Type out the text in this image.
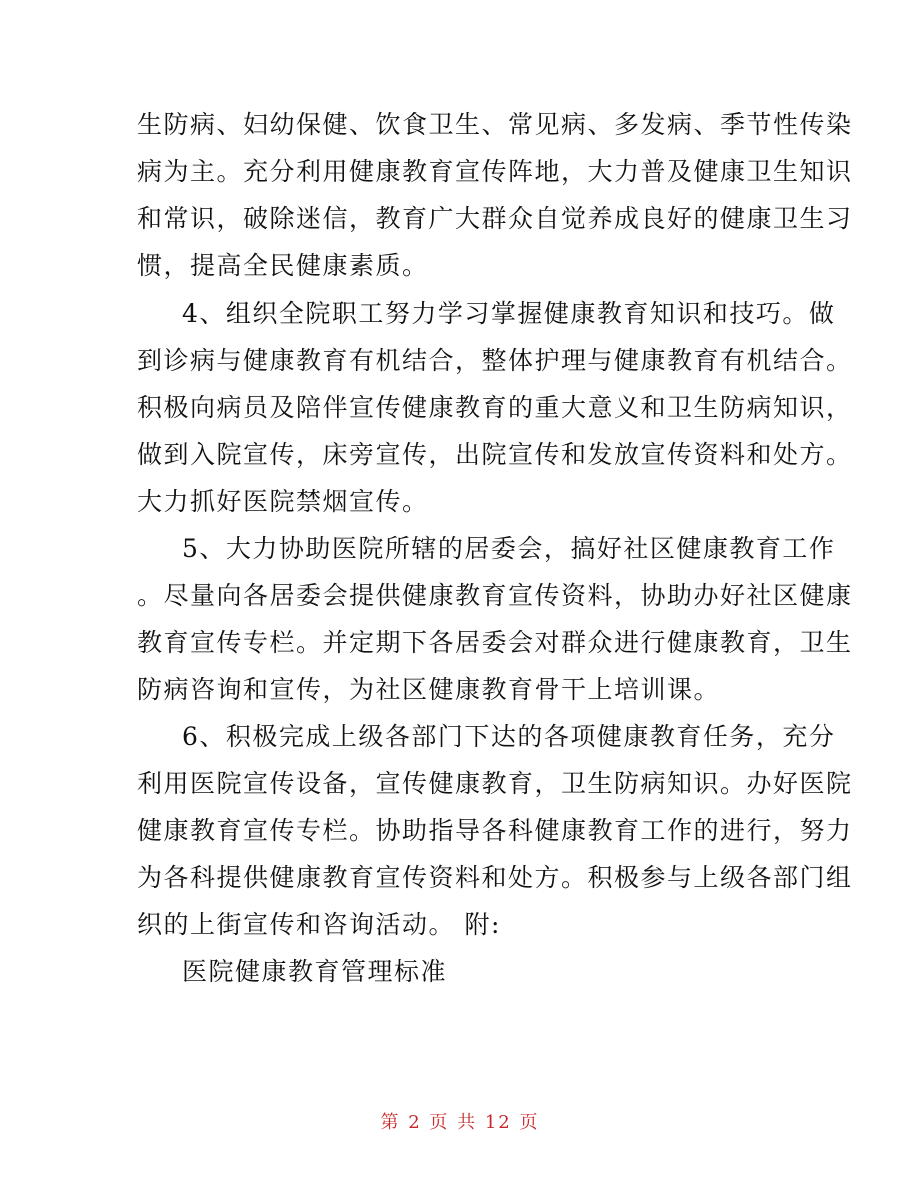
生防病、妇幼保健、饮食卫生、常见病、多发病、季节性传染
病为主。充分利用健康教育宣传阵地，大力普及健康卫生知识
和常识，破除迷信，教育广大群众自觉养成良好的健康卫生习
惯，提高全民健康素质。
4、组织全院职工努力学习掌握健康教育知识和技巧。做
到诊病与健康教育有机结合，整体护理与健康教育有机结合。
积极向病员及陪伴宣传健康教育的重大意义和卫生防病知识，
做到入院宣传，床旁宣传，出院宣传和发放宣传资料和处方。
大力抓好医院禁烟宣传。
5、大力协助医院所辖的居委会，搞好社区健康教育工作
。尽量向各居委会提供健康教育宣传资料，协助办好社区健康
教育宣传专栏。并定期下各居委会对群众进行健康教育，卫生
防病咨询和宣传，为社区健康教育骨干上培训课。
6、积极完成上级各部门下达的各项健康教育任务，充分
利用医院宣传设备，宣传健康教育，卫生防病知识。办好医院
健康教育宣传专栏。协助指导各科健康教育工作的进行，努力
为各科提供健康教育宣传资料和处方。积极参与上级各部门组
织的上街宣传和咨询活动。 附:
医院健康教育管理标准
第 2 页 共 12 页
